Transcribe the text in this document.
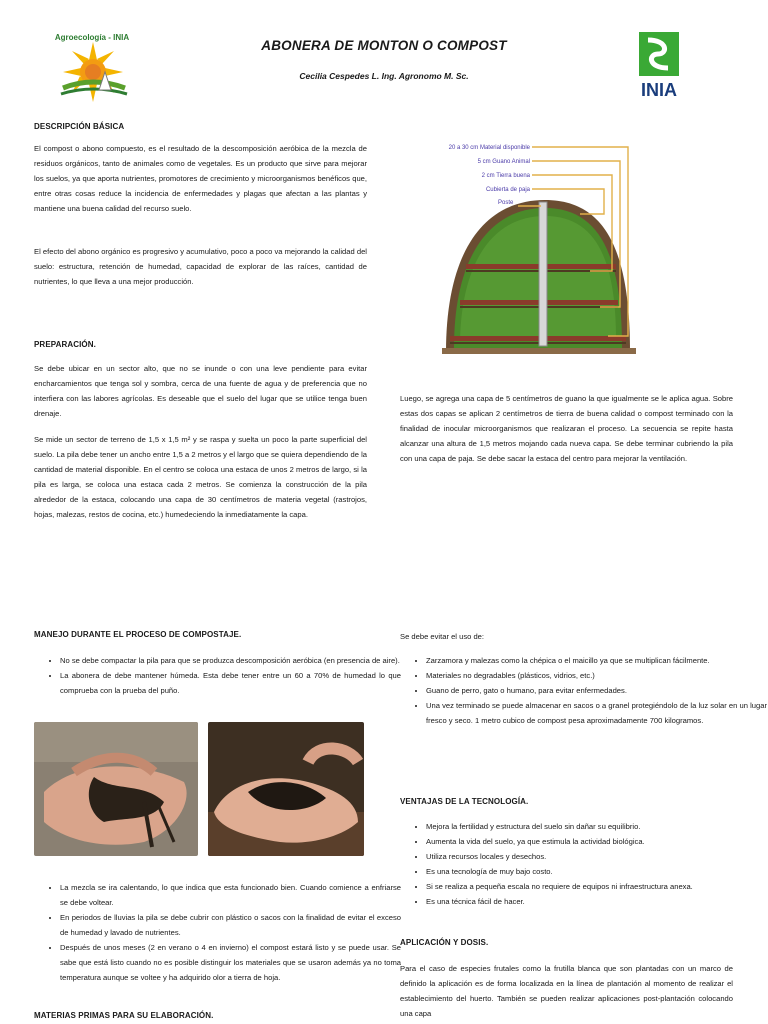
Agroecología - INIA
ABONERA DE MONTON O COMPOST
Cecilia Cespedes L. Ing. Agronomo M. Sc.
INIA
DESCRIPCIÓN BÁSICA

El compost o abono compuesto, es el resultado de la descomposición aeróbica de la mezcla de residuos orgánicos, tanto de animales como de vegetales. Es un producto que sirve para mejorar los suelos, ya que aporta nutrientes, promotores de crecimiento y microorganismos benéficos que, entre otras cosas reduce la incidencia de enfermedades y plagas que afectan a las plantas y mantiene una buena calidad del recurso suelo.

El efecto del abono orgánico es progresivo y acumulativo, poco a poco va mejorando la calidad del suelo: estructura, retención de humedad, capacidad de explorar de las raíces, cantidad de nutrientes, lo que lleva a una mejor producción.

PREPARACIÓN.

Se debe ubicar en un sector alto, que no se inunde o con una leve pendiente para evitar encharcamientos que tenga sol y sombra, cerca de una fuente de agua y de preferencia que no interfiera con las labores agrícolas. Es deseable que el suelo del lugar que se utilice tenga buen drenaje.

Se mide un sector de terreno de 1,5 x 1,5 m² y se raspa y suelta un poco la parte superficial del suelo. La pila debe tener un ancho entre 1,5 a 2 metros y el largo que se quiera dependiendo de la cantidad de material disponible. En el centro se coloca una estaca de unos 2 metros de largo, si la pila es larga, se coloca una estaca cada 2 metros. Se comienza la construcción de la pila alrededor de la estaca, colocando una capa de 30 centímetros de materia vegetal (rastrojos, hojas, malezas, restos de cocina, etc.) humedeciendo la inmediatamente la capa.

20 a 30 cm Material disponible
5 cm Guano Animal
2 cm Tierra buena
Cubierta de paja
Poste

Luego, se agrega una capa de 5 centímetros de guano la que igualmente se le aplica agua. Sobre estas dos capas se aplican 2 centímetros de tierra de buena calidad o compost terminado con la finalidad de inocular microorganismos que realizaran el proceso. La secuencia se repite hasta alcanzar una altura de 1,5 metros mojando cada nueva capa. Se debe terminar cubriendo la pila con una capa de paja. Se debe sacar la estaca del centro para mejorar la ventilación.

MANEJO DURANTE EL PROCESO DE COMPOSTAJE.
• No se debe compactar la pila para que se produzca descomposición aeróbica (en presencia de aire).
• La abonera de debe mantener húmeda. Esta debe tener entre un 60 a 70% de humedad lo que comprueba con la prueba del puño.
• La mezcla se ira calentando, lo que indica que esta funcionado bien. Cuando comience a enfriarse se debe voltear.
• En periodos de lluvias la pila se debe cubrir con plástico o sacos con la finalidad de evitar el exceso de humedad y lavado de nutrientes.
• Después de unos meses (2 en verano o 4 en invierno) el compost estará listo y se puede usar. Se sabe que está listo cuando no es posible distinguir los materiales que se usaron además ya no toma temperatura aunque se voltee y ha adquirido olor a tierra de hoja.
MATERIAS PRIMAS PARA SU ELABORACIÓN.
Se debe evitar el uso de:
• Zarzamora y malezas como la chépica o el maicillo ya que se multiplican fácilmente.
• Materiales no degradables (plásticos, vidrios, etc.)
• Guano de perro, gato o humano, para evitar enfermedades.
• Una vez terminado se puede almacenar en sacos o a granel protegiéndolo de la luz solar en un lugar fresco y seco. 1 metro cubico de compost pesa aproximadamente 700 kilogramos.
VENTAJAS DE LA TECNOLOGÍA.
• Mejora la fertilidad y estructura del suelo sin dañar su equilibrio.
• Aumenta la vida del suelo, ya que estimula la actividad biológica.
• Utiliza recursos locales y desechos.
• Es una tecnología de muy bajo costo.
• Si se realiza a pequeña escala no requiere de equipos ni infraestructura anexa.
• Es una técnica fácil de hacer.
APLICACIÓN Y DOSIS.

Para el caso de especies frutales como la frutilla blanca que son plantadas con un marco de definido la aplicación es de forma localizada en la línea de plantación al momento de realizar el establecimiento del huerto. También se pueden realizar aplicaciones post-plantación colocando una capa
